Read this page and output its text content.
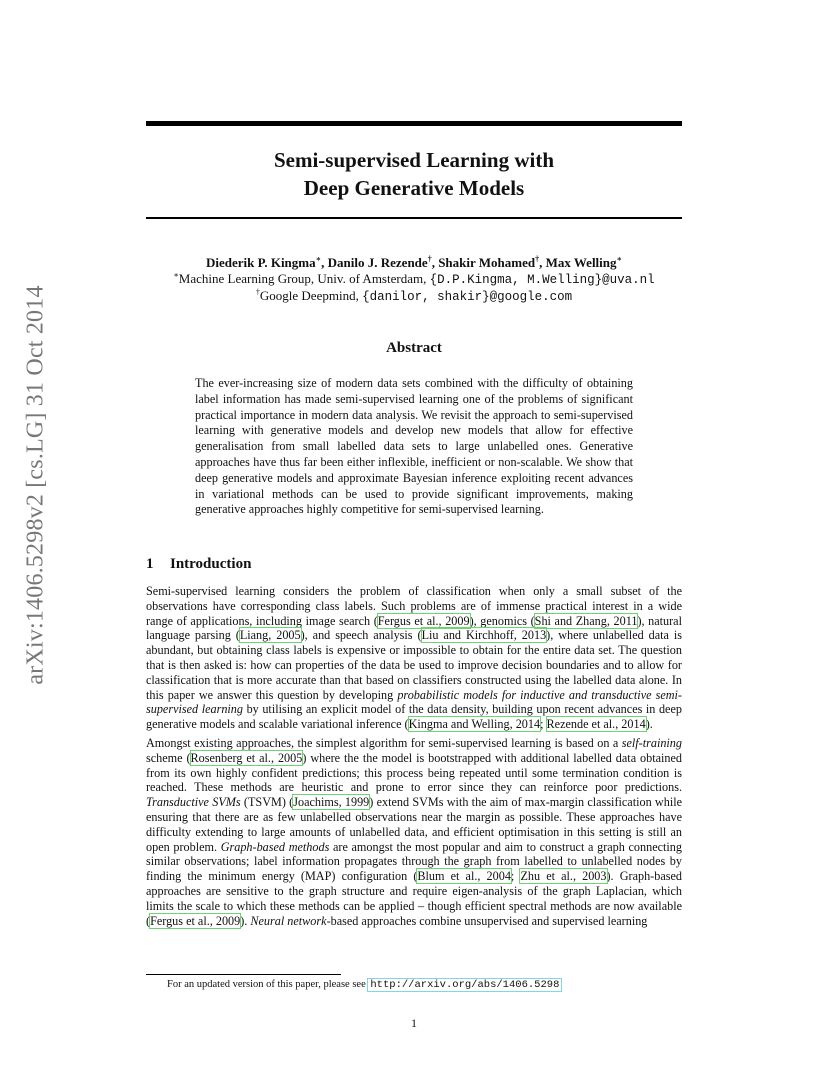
arXiv:1406.5298v2 [cs.LG] 31 Oct 2014
Semi-supervised Learning with
Deep Generative Models
Diederik P. Kingma∗, Danilo J. Rezende†, Shakir Mohamed†, Max Welling∗
∗Machine Learning Group, Univ. of Amsterdam, {D.P.Kingma, M.Welling}@uva.nl
†Google Deepmind, {danilor, shakir}@google.com
Abstract
The ever-increasing size of modern data sets combined with the difficulty of obtaining label information has made semi-supervised learning one of the problems of significant practical importance in modern data analysis. We revisit the approach to semi-supervised learning with generative models and develop new models that allow for effective generalisation from small labelled data sets to large unlabelled ones. Generative approaches have thus far been either inflexible, inefficient or non-scalable. We show that deep generative models and approximate Bayesian inference exploiting recent advances in variational methods can be used to provide significant improvements, making generative approaches highly competitive for semi-supervised learning.
1 Introduction

Semi-supervised learning considers the problem of classification when only a small subset of the observations have corresponding class labels. Such problems are of immense practical interest in a wide range of applications, including image search (Fergus et al., 2009), genomics (Shi and Zhang, 2011), natural language parsing (Liang, 2005), and speech analysis (Liu and Kirchhoff, 2013), where unlabelled data is abundant, but obtaining class labels is expensive or impossible to obtain for the entire data set. The question that is then asked is: how can properties of the data be used to improve decision boundaries and to allow for classification that is more accurate than that based on classifiers constructed using the labelled data alone. In this paper we answer this question by developing probabilistic models for inductive and transductive semi-supervised learning by utilising an explicit model of the data density, building upon recent advances in deep generative models and scalable variational inference (Kingma and Welling, 2014; Rezende et al., 2014).

Amongst existing approaches, the simplest algorithm for semi-supervised learning is based on a self-training scheme (Rosenberg et al., 2005) where the the model is bootstrapped with additional labelled data obtained from its own highly confident predictions; this process being repeated until some termination condition is reached. These methods are heuristic and prone to error since they can reinforce poor predictions. Transductive SVMs (TSVM) (Joachims, 1999) extend SVMs with the aim of max-margin classification while ensuring that there are as few unlabelled observations near the margin as possible. These approaches have difficulty extending to large amounts of unlabelled data, and efficient optimisation in this setting is still an open problem. Graph-based methods are amongst the most popular and aim to construct a graph connecting similar observations; label information propagates through the graph from labelled to unlabelled nodes by finding the minimum energy (MAP) configuration (Blum et al., 2004; Zhu et al., 2003). Graph-based approaches are sensitive to the graph structure and require eigen-analysis of the graph Laplacian, which limits the scale to which these methods can be applied – though efficient spectral methods are now available (Fergus et al., 2009). Neural network-based approaches combine unsupervised and supervised learning

For an updated version of this paper, please see http://arxiv.org/abs/1406.5298
1
